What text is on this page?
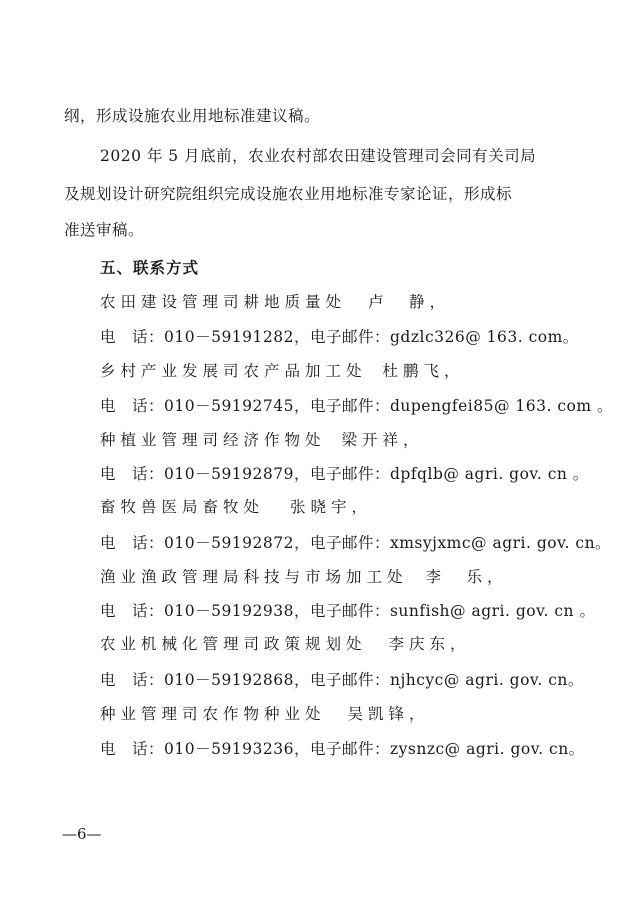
纲，形成设施农业用地标准建议稿。
2020 年 5 月底前，农业农村部农田建设管理司会同有关司局
及规划设计研究院组织完成设施农业用地标准专家论证，形成标
准送审稿。
五、联系方式
农田建设管理司耕地质量处 卢　静，
电　话：010－59191282，电子邮件：gdzlc326@ 163. com。
乡村产业发展司农产品加工处 杜鹏飞，
电　话：010－59192745，电子邮件：dupengfei85@ 163. com 。
种植业管理司经济作物处 梁开祥，
电　话：010－59192879，电子邮件：dpfqlb@ agri. gov. cn 。
畜牧兽医局畜牧处 张晓宇，
电　话：010－59192872，电子邮件：xmsyjxmc@ agri. gov. cn。
渔业渔政管理局科技与市场加工处 李　乐，
电　话：010－59192938，电子邮件：sunfish@ agri. gov. cn 。
农业机械化管理司政策规划处 李庆东，
电　话：010－59192868，电子邮件：njhcyc@ agri. gov. cn。
种业管理司农作物种业处 吴凯锋，
电　话：010－59193236，电子邮件：zysnzc@ agri. gov. cn。
—6—
